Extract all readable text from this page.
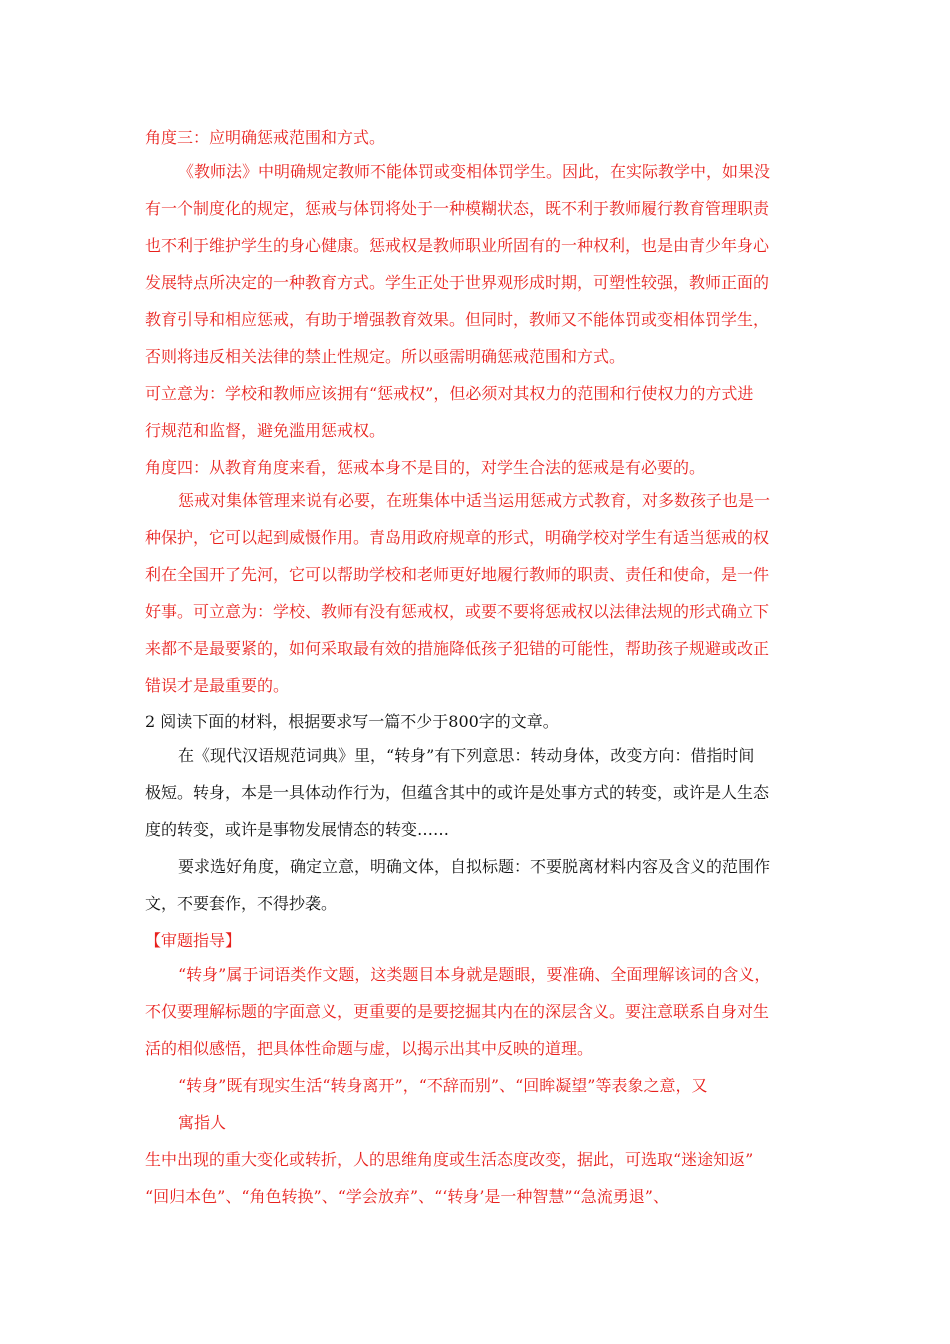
角度三：应明确惩戒范围和方式。
《教师法》中明确规定教师不能体罚或变相体罚学生。因此，在实际教学中，如果没
有一个制度化的规定，惩戒与体罚将处于一种模糊状态，既不利于教师履行教育管理职责
也不利于维护学生的身心健康。惩戒权是教师职业所固有的一种权利，也是由青少年身心
发展特点所决定的一种教育方式。学生正处于世界观形成时期，可塑性较强，教师正面的
教育引导和相应惩戒，有助于增强教育效果。但同时，教师又不能体罚或变相体罚学生，
否则将违反相关法律的禁止性规定。所以亟需明确惩戒范围和方式。
可立意为：学校和教师应该拥有“惩戒权”，但必须对其权力的范围和行使权力的方式进
行规范和监督，避免滥用惩戒权。
角度四：从教育角度来看，惩戒本身不是目的，对学生合法的惩戒是有必要的。
惩戒对集体管理来说有必要，在班集体中适当运用惩戒方式教育，对多数孩子也是一
种保护，它可以起到威慑作用。青岛用政府规章的形式，明确学校对学生有适当惩戒的权
利在全国开了先河，它可以帮助学校和老师更好地履行教师的职责、责任和使命，是一件
好事。可立意为：学校、教师有没有惩戒权，或要不要将惩戒权以法律法规的形式确立下
来都不是最要紧的，如何采取最有效的措施降低孩子犯错的可能性，帮助孩子规避或改正
错误才是最重要的。
2 阅读下面的材料，根据要求写一篇不少于800字的文章。
在《现代汉语规范词典》里，“转身”有下列意思：转动身体，改变方向：借指时间
极短。转身，本是一具体动作行为，但蕴含其中的或许是处事方式的转变，或许是人生态
度的转变，或许是事物发展情态的转变……
要求选好角度，确定立意，明确文体，自拟标题：不要脱离材料内容及含义的范围作
文，不要套作，不得抄袭。
【审题指导】
“转身”属于词语类作文题，这类题目本身就是题眼，要准确、全面理解该词的含义，
不仅要理解标题的字面意义，更重要的是要挖掘其内在的深层含义。要注意联系自身对生
活的相似感悟，把具体性命题与虚，以揭示出其中反映的道理。
“转身”既有现实生活“转身离开”，“不辞而别”、“回眸凝望”等表象之意，又
寓指人
生中出现的重大变化或转折，人的思维角度或生活态度改变，据此，可选取“迷途知返”
“回归本色”、“角色转换”、“学会放弃”、“‘转身’是一种智慧”“急流勇退”、
